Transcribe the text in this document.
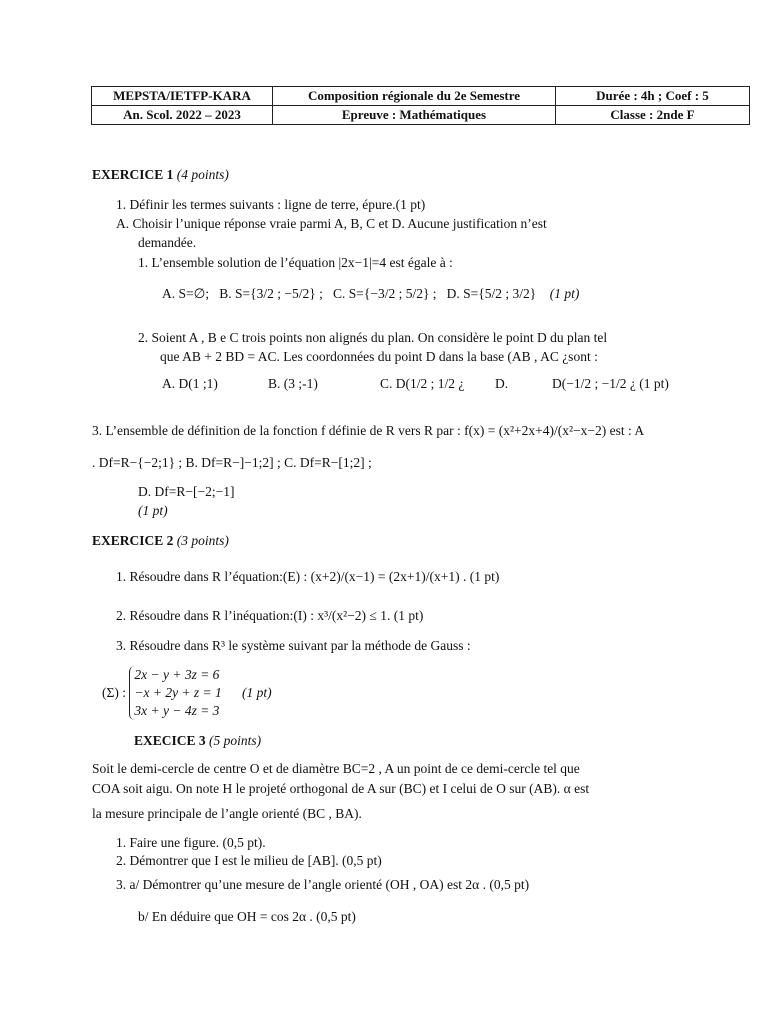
MEPSTA/IETFP-KARA	Composition régionale du 2e Semestre	Durée : 4h ; Coef : 5
An. Scol. 2022 – 2023	Epreuve : Mathématiques	Classe : 2nde F
EXERCICE 1 (4 points)
1. Définir les termes suivants : ligne de terre, épure.(1 pt)
A. Choisir l’unique réponse vraie parmi A, B, C et D. Aucune justification n’est
demandée.
1. L’ensemble solution de l’équation |2x−1|=4 est égale à :
A. S=∅; B. S={3/2 ; −5/2} ; C. S={−3/2 ; 5/2} ; D. S={5/2 ; 3/2} (1 pt)
2. Soient A , B e C trois points non alignés du plan. On considère le point D du plan tel
que AB + 2 BD = AC. Les coordonnées du point D dans la base (AB , AC ¿sont :
A. D(1 ;1)	B. (3 ;-1)	C. D(1/2 ; 1/2 ¿ D.	D(−1/2 ; −1/2 ¿ (1 pt)
3. L’ensemble de définition de la fonction f définie de R vers R par : f(x) = (x²+2x+4)/(x²−x−2) est : A
. Df=R−{−2;1} ; B. Df=R−]−1;2] ; C. Df=R−[1;2] ;
D. Df=R−[−2;−1]
(1 pt)
EXERCICE 2 (3 points)
1. Résoudre dans R l’équation:(E) : (x+2)/(x−1) = (2x+1)/(x+1) . (1 pt)
2. Résoudre dans R l’inéquation:(I) : x³/(x²−2) ≤ 1. (1 pt)
3. Résoudre dans R³ le système suivant par la méthode de Gauss :
(Σ) :
2x − y + 3z = 6
−x + 2y + z = 1
3x + y − 4z = 3
(1 pt)
EXECICE 3 (5 points)
Soit le demi-cercle de centre O et de diamètre BC=2 , A un point de ce demi-cercle tel que
COA soit aigu. On note H le projeté orthogonal de A sur (BC) et I celui de O sur (AB). α est
la mesure principale de l’angle orienté (BC , BA).
1. Faire une figure. (0,5 pt).
2. Démontrer que I est le milieu de [AB]. (0,5 pt)
3. a/ Démontrer qu’une mesure de l’angle orienté (OH , OA) est 2α . (0,5 pt)
b/ En déduire que OH = cos 2α . (0,5 pt)
